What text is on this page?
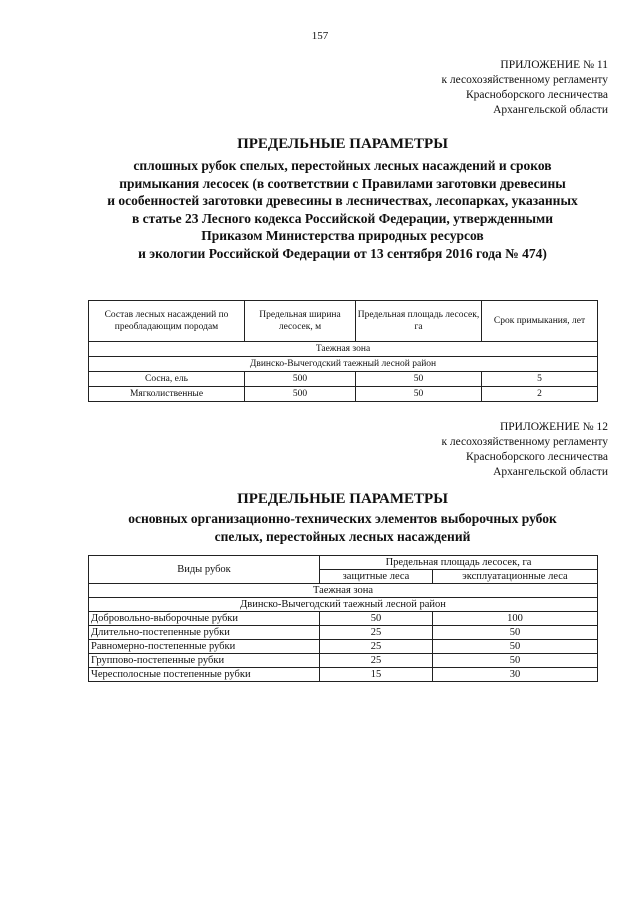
157
ПРИЛОЖЕНИЕ № 11
к лесохозяйственному регламенту
Красноборского лесничества
Архангельской области
ПРЕДЕЛЬНЫЕ ПАРАМЕТРЫ
сплошных рубок спелых, перестойных лесных насаждений и сроков
примыкания лесосек (в соответствии с Правилами заготовки древесины
и особенностей заготовки древесины в лесничествах, лесопарках, указанных
в статье 23 Лесного кодекса Российской Федерации, утвержденными
Приказом Министерства природных ресурсов
и экологии Российской Федерации от 13 сентября 2016 года № 474)
Состав лесных насаждений по преобладающим породам	Предельная ширина лесосек, м	Предельная площадь лесосек, га	Срок примыкания, лет
Таежная зона			
Двинско-Вычегодский таежный лесной район			
Сосна, ель	500	50	5
Мягколиственные	500	50	2
ПРИЛОЖЕНИЕ № 12
к лесохозяйственному регламенту
Красноборского лесничества
Архангельской области
ПРЕДЕЛЬНЫЕ ПАРАМЕТРЫ
основных организационно-технических элементов выборочных рубок
спелых, перестойных лесных насаждений
Виды рубок	Предельная площадь лесосек, га	
	защитные леса	эксплуатационные леса
Таежная зона		
Двинско-Вычегодский таежный лесной район		
Добровольно-выборочные рубки	50	100
Длительно-постепенные рубки	25	50
Равномерно-постепенные рубки	25	50
Группово-постепенные рубки	25	50
Чересполосные постепенные рубки	15	30
